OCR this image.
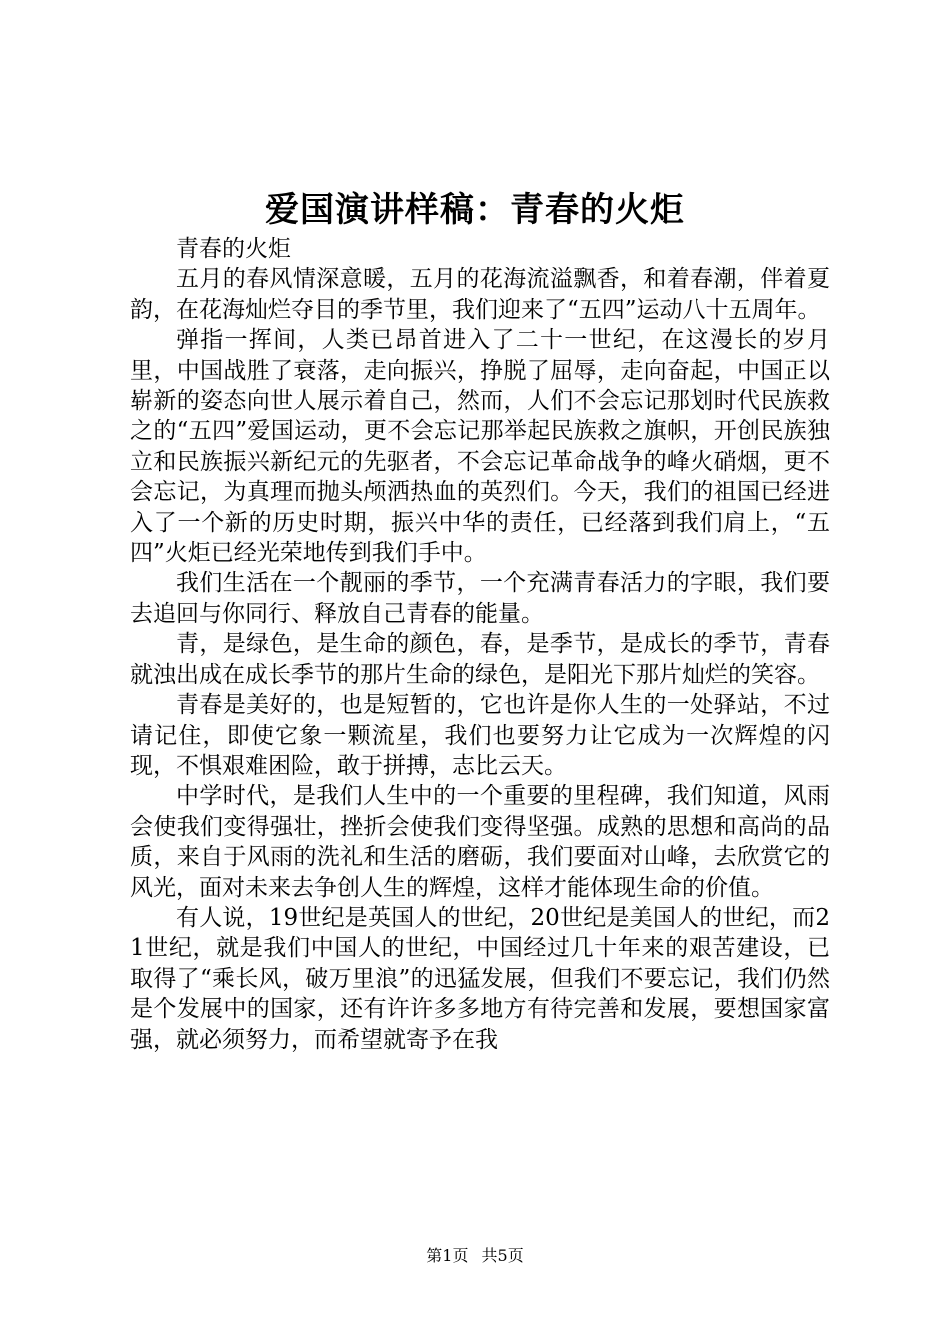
爱国演讲样稿：青春的火炬

青春的火炬

五月的春风情深意暖，五月的花海流溢飘香，和着春潮，伴着夏韵，在花海灿烂夺目的季节里，我们迎来了“五四”运动八十五周年。

弹指一挥间，人类已昂首进入了二十一世纪，在这漫长的岁月里，中国战胜了衰落，走向振兴，挣脱了屈辱，走向奋起，中国正以崭新的姿态向世人展示着自己，然而，人们不会忘记那划时代民族救之的“五四”爱国运动，更不会忘记那举起民族救之旗帜，开创民族独立和民族振兴新纪元的先驱者，不会忘记革命战争的峰火硝烟，更不会忘记，为真理而抛头颅洒热血的英烈们。今天，我们的祖国已经进入了一个新的历史时期，振兴中华的责任，已经落到我们肩上，“五四”火炬已经光荣地传到我们手中。

我们生活在一个靓丽的季节，一个充满青春活力的字眼，我们要去追回与你同行、释放自己青春的能量。

青，是绿色，是生命的颜色，春，是季节，是成长的季节，青春就浊出成在成长季节的那片生命的绿色，是阳光下那片灿烂的笑容。

青春是美好的，也是短暂的，它也许是你人生的一处驿站，不过请记住，即使它象一颗流星，我们也要努力让它成为一次辉煌的闪现，不惧艰难困险，敢于拼搏，志比云天。

中学时代，是我们人生中的一个重要的里程碑，我们知道，风雨会使我们变得强壮，挫折会使我们变得坚强。成熟的思想和高尚的品质，来自于风雨的洗礼和生活的磨砺，我们要面对山峰，去欣赏它的风光，面对未来去争创人生的辉煌，这样才能体现生命的价值。

有人说，19世纪是英国人的世纪，20世纪是美国人的世纪，而21世纪，就是我们中国人的世纪，中国经过几十年来的艰苦建设，已取得了“乘长风，破万里浪”的迅猛发展，但我们不要忘记，我们仍然是个发展中的国家，还有许许多多地方有待完善和发展，要想国家富强，就必须努力，而希望就寄予在我

第1页 共5页
